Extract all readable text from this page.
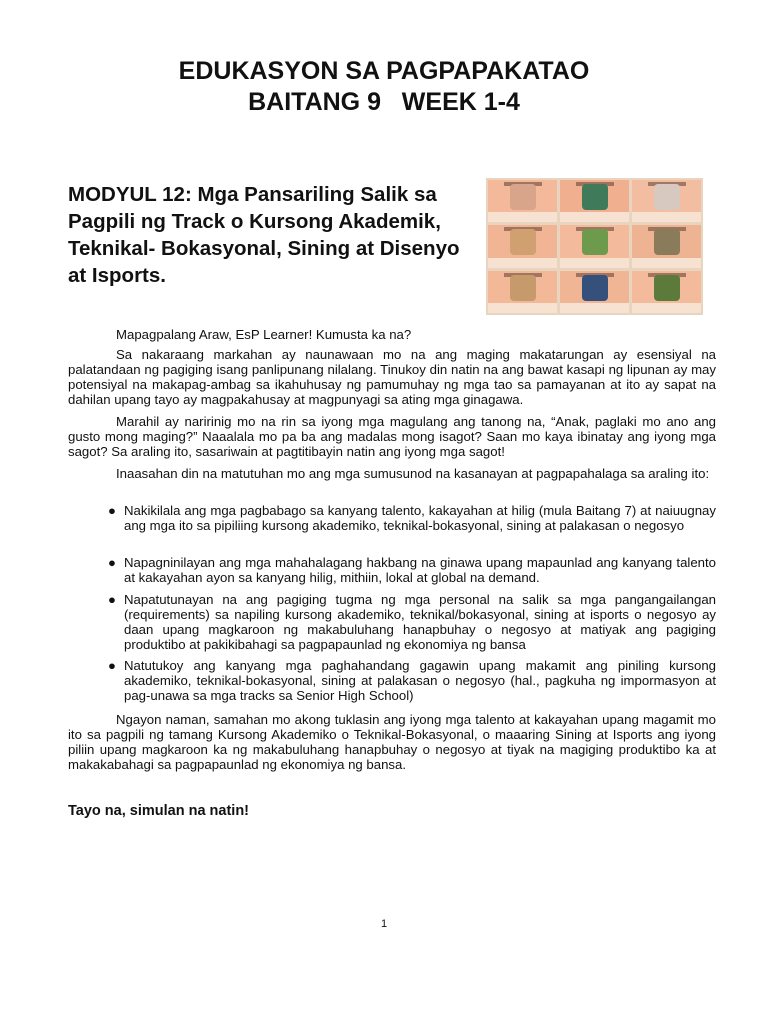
EDUKASYON SA PAGPAPAKATAO
BAITANG 9   WEEK 1-4
MODYUL 12: Mga Pansariling Salik sa Pagpili ng Track o Kursong Akademik, Teknikal- Bokasyonal, Sining at Disenyo at Isports.
Mapagpalang Araw, EsP Learner! Kumusta ka na?
Sa nakaraang markahan ay naunawaan mo na ang maging makatarungan ay esensiyal na palatandaan ng pagiging isang panlipunang nilalang. Tinukoy din natin na ang bawat kasapi ng lipunan ay may potensiyal na makapag-ambag sa ikahuhusay ng pamumuhay ng mga tao sa pamayanan at ito ay sapat na dahilan upang tayo ay magpakahusay at magpunyagi sa ating mga ginagawa.
Marahil ay naririnig mo na rin sa iyong mga magulang ang tanong na, “Anak, paglaki mo ano ang gusto mong maging?” Naaalala mo pa ba ang madalas mong isagot? Saan mo kaya ibinatay ang iyong mga sagot? Sa araling ito, sasariwain at pagtitibayin natin ang iyong mga sagot!
Inaasahan din na matutuhan mo ang mga sumusunod na kasanayan at pagpapahalaga sa araling ito:
● Nakikilala ang mga pagbabago sa kanyang talento, kakayahan at hilig (mula Baitang 7) at naiuugnay ang mga ito sa pipiliing kursong akademiko, teknikal-bokasyonal, sining at palakasan o negosyo
● Napagninilayan ang mga mahahalagang hakbang na ginawa upang mapaunlad ang kanyang talento at kakayahan ayon sa kanyang hilig, mithiin, lokal at global na demand.
● Napatutunayan na ang pagiging tugma ng mga personal na salik sa mga pangangailangan (requirements) sa napiling kursong akademiko, teknikal/bokasyonal, sining at isports o negosyo ay daan upang magkaroon ng makabuluhang hanapbuhay o negosyo at matiyak ang pagiging produktibo at pakikibahagi sa pagpapaunlad ng ekonomiya ng bansa
● Natutukoy ang kanyang mga paghahandang gagawin upang makamit ang piniling kursong akademiko, teknikal-bokasyonal, sining at palakasan o negosyo (hal., pagkuha ng impormasyon at pag-unawa sa mga tracks sa Senior High School)
Ngayon naman, samahan mo akong tuklasin ang iyong mga talento at kakayahan upang magamit mo ito sa pagpili ng tamang Kursong Akademiko o Teknikal-Bokasyonal, o maaaring Sining at Isports ang iyong piliin upang magkaroon ka ng makabuluhang hanapbuhay o negosyo at tiyak na magiging produktibo ka at makakabahagi sa pagpapaunlad ng ekonomiya ng bansa.
Tayo na, simulan na natin!
1
